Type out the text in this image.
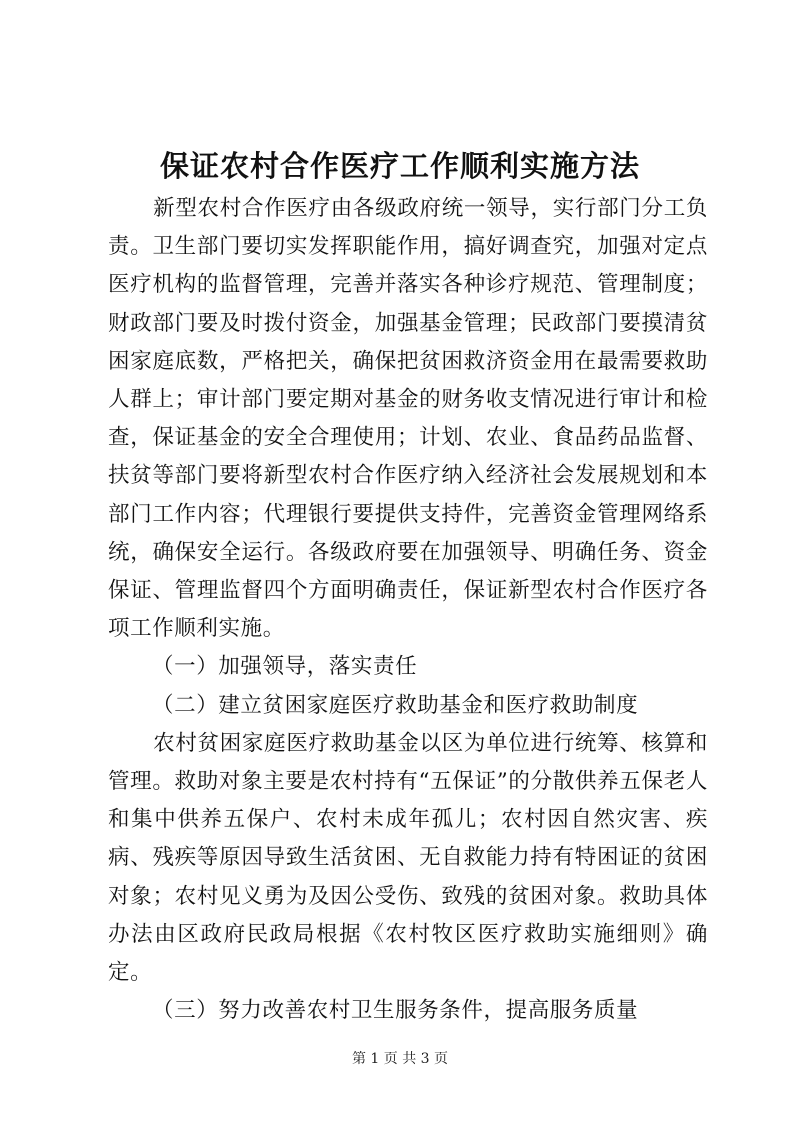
保证农村合作医疗工作顺利实施方法

新型农村合作医疗由各级政府统一领导，实行部门分工负责。卫生部门要切实发挥职能作用，搞好调查究，加强对定点医疗机构的监督管理，完善并落实各种诊疗规范、管理制度；财政部门要及时拨付资金，加强基金管理；民政部门要摸清贫困家庭底数，严格把关，确保把贫困救济资金用在最需要救助人群上；审计部门要定期对基金的财务收支情况进行审计和检查，保证基金的安全合理使用；计划、农业、食品药品监督、扶贫等部门要将新型农村合作医疗纳入经济社会发展规划和本部门工作内容；代理银行要提供支持件，完善资金管理网络系统，确保安全运行。各级政府要在加强领导、明确任务、资金保证、管理监督四个方面明确责任，保证新型农村合作医疗各项工作顺利实施。

（一）加强领导，落实责任

（二）建立贫困家庭医疗救助基金和医疗救助制度

农村贫困家庭医疗救助基金以区为单位进行统筹、核算和管理。救助对象主要是农村持有“五保证”的分散供养五保老人和集中供养五保户、农村未成年孤儿；农村因自然灾害、疾病、残疾等原因导致生活贫困、无自救能力持有特困证的贫困对象；农村见义勇为及因公受伤、致残的贫困对象。救助具体办法由区政府民政局根据《农村牧区医疗救助实施细则》确定。

（三）努力改善农村卫生服务条件，提高服务质量

第 1 页 共 3 页
